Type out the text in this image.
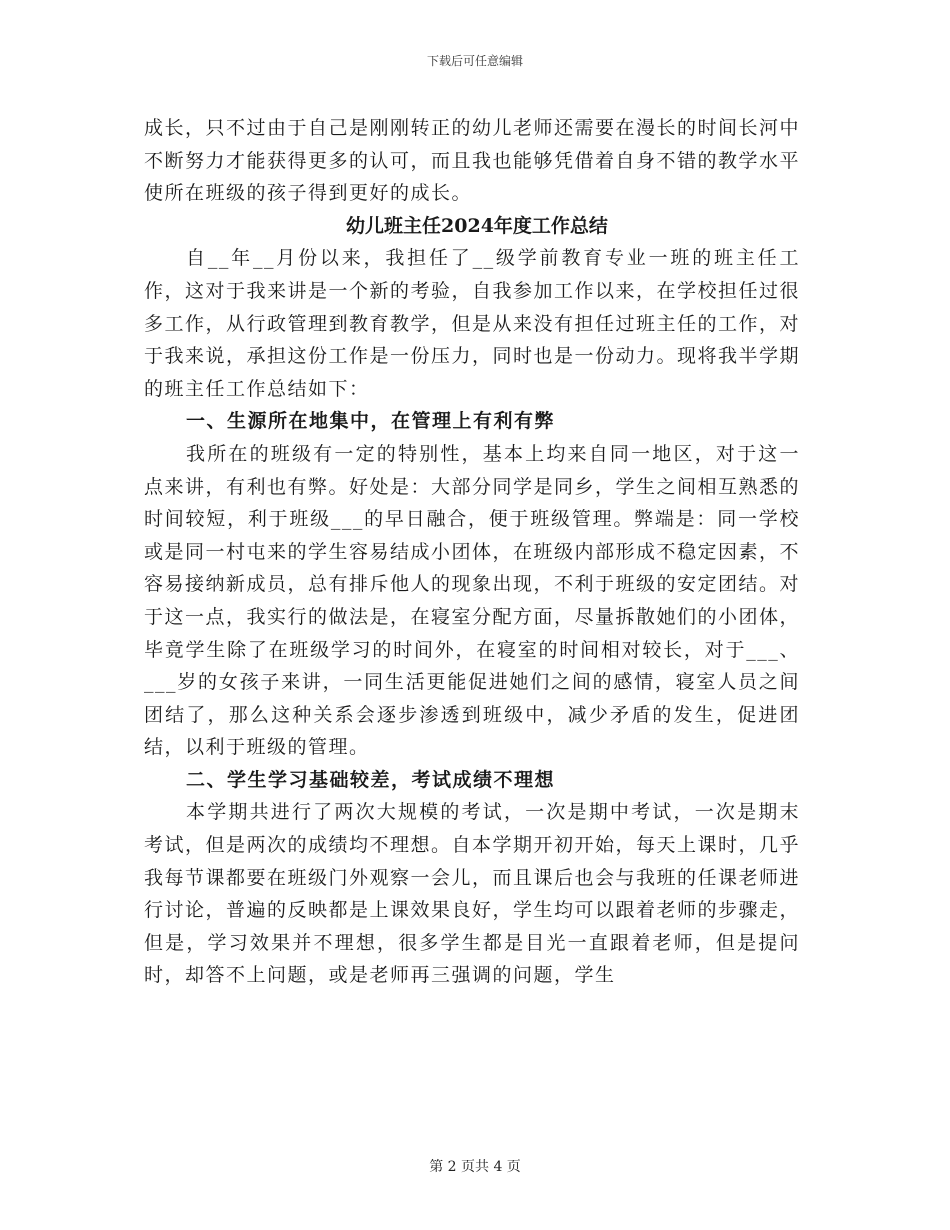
下载后可任意编辑

成长，只不过由于自己是刚刚转正的幼儿老师还需要在漫长的时间长河中不断努力才能获得更多的认可，而且我也能够凭借着自身不错的教学水平使所在班级的孩子得到更好的成长。

幼儿班主任2024年度工作总结

自__年__月份以来，我担任了__级学前教育专业一班的班主任工作，这对于我来讲是一个新的考验，自我参加工作以来，在学校担任过很多工作，从行政管理到教育教学，但是从来没有担任过班主任的工作，对于我来说，承担这份工作是一份压力，同时也是一份动力。现将我半学期的班主任工作总结如下：

一、生源所在地集中，在管理上有利有弊

我所在的班级有一定的特别性，基本上均来自同一地区，对于这一点来讲，有利也有弊。好处是：大部分同学是同乡，学生之间相互熟悉的时间较短，利于班级___的早日融合，便于班级管理。弊端是：同一学校或是同一村屯来的学生容易结成小团体，在班级内部形成不稳定因素，不容易接纳新成员，总有排斥他人的现象出现，不利于班级的安定团结。对于这一点，我实行的做法是，在寝室分配方面，尽量拆散她们的小团体，毕竟学生除了在班级学习的时间外，在寝室的时间相对较长，对于___、___岁的女孩子来讲，一同生活更能促进她们之间的感情，寝室人员之间团结了，那么这种关系会逐步渗透到班级中，减少矛盾的发生，促进团结，以利于班级的管理。

二、学生学习基础较差，考试成绩不理想

本学期共进行了两次大规模的考试，一次是期中考试，一次是期末考试，但是两次的成绩均不理想。自本学期开初开始，每天上课时，几乎我每节课都要在班级门外观察一会儿，而且课后也会与我班的任课老师进行讨论，普遍的反映都是上课效果良好，学生均可以跟着老师的步骤走，但是，学习效果并不理想，很多学生都是目光一直跟着老师，但是提问时，却答不上问题，或是老师再三强调的问题，学生

第 2 页共 4 页
